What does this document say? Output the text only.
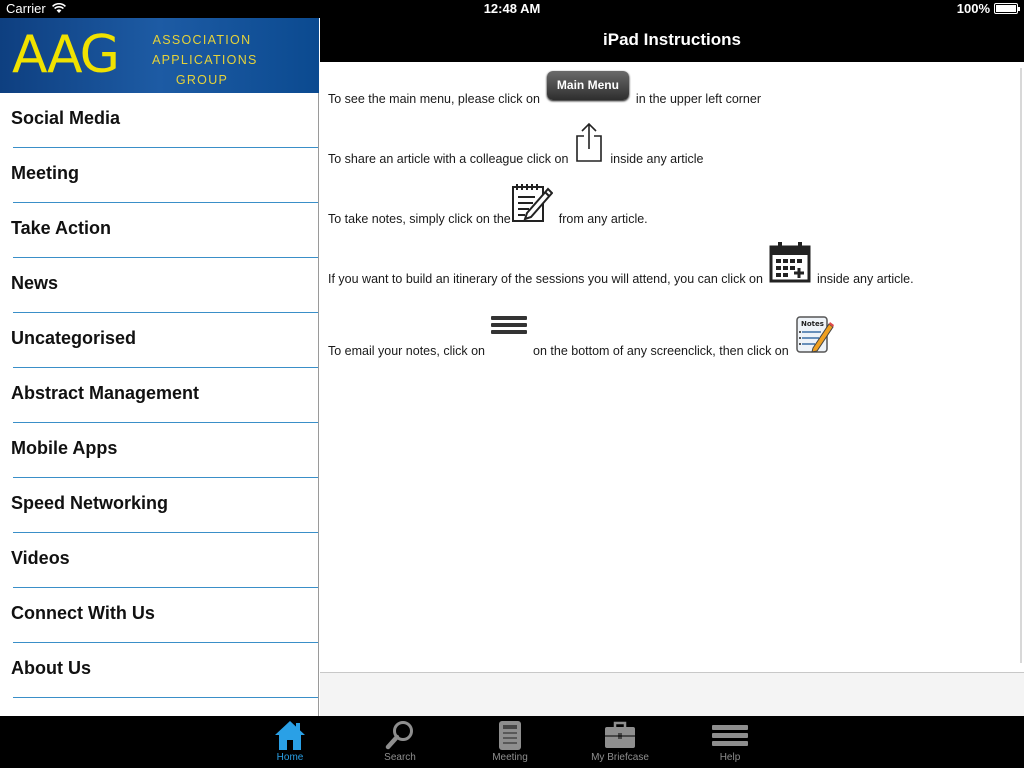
Carrier	12:48 AM	100%
AAG	ASSOCIATION
APPLICATIONS
GROUP
Social Media
Meeting
Take Action
News
Uncategorised
Abstract Management
Mobile Apps
Speed Networking
Videos
Connect With Us
About Us
iPad Instructions
To see the main menu, please click on
Main Menu
in the upper left corner
To share an article with a colleague click on	inside any article
To take notes, simply click on the	from any article.
If you want to build an itinerary of the sessions you will attend, you can click on	inside any article.
To email your notes, click on	on the bottom of any screenclick, then click on
Notes
Home	Search	Meeting	My Briefcase	Help
